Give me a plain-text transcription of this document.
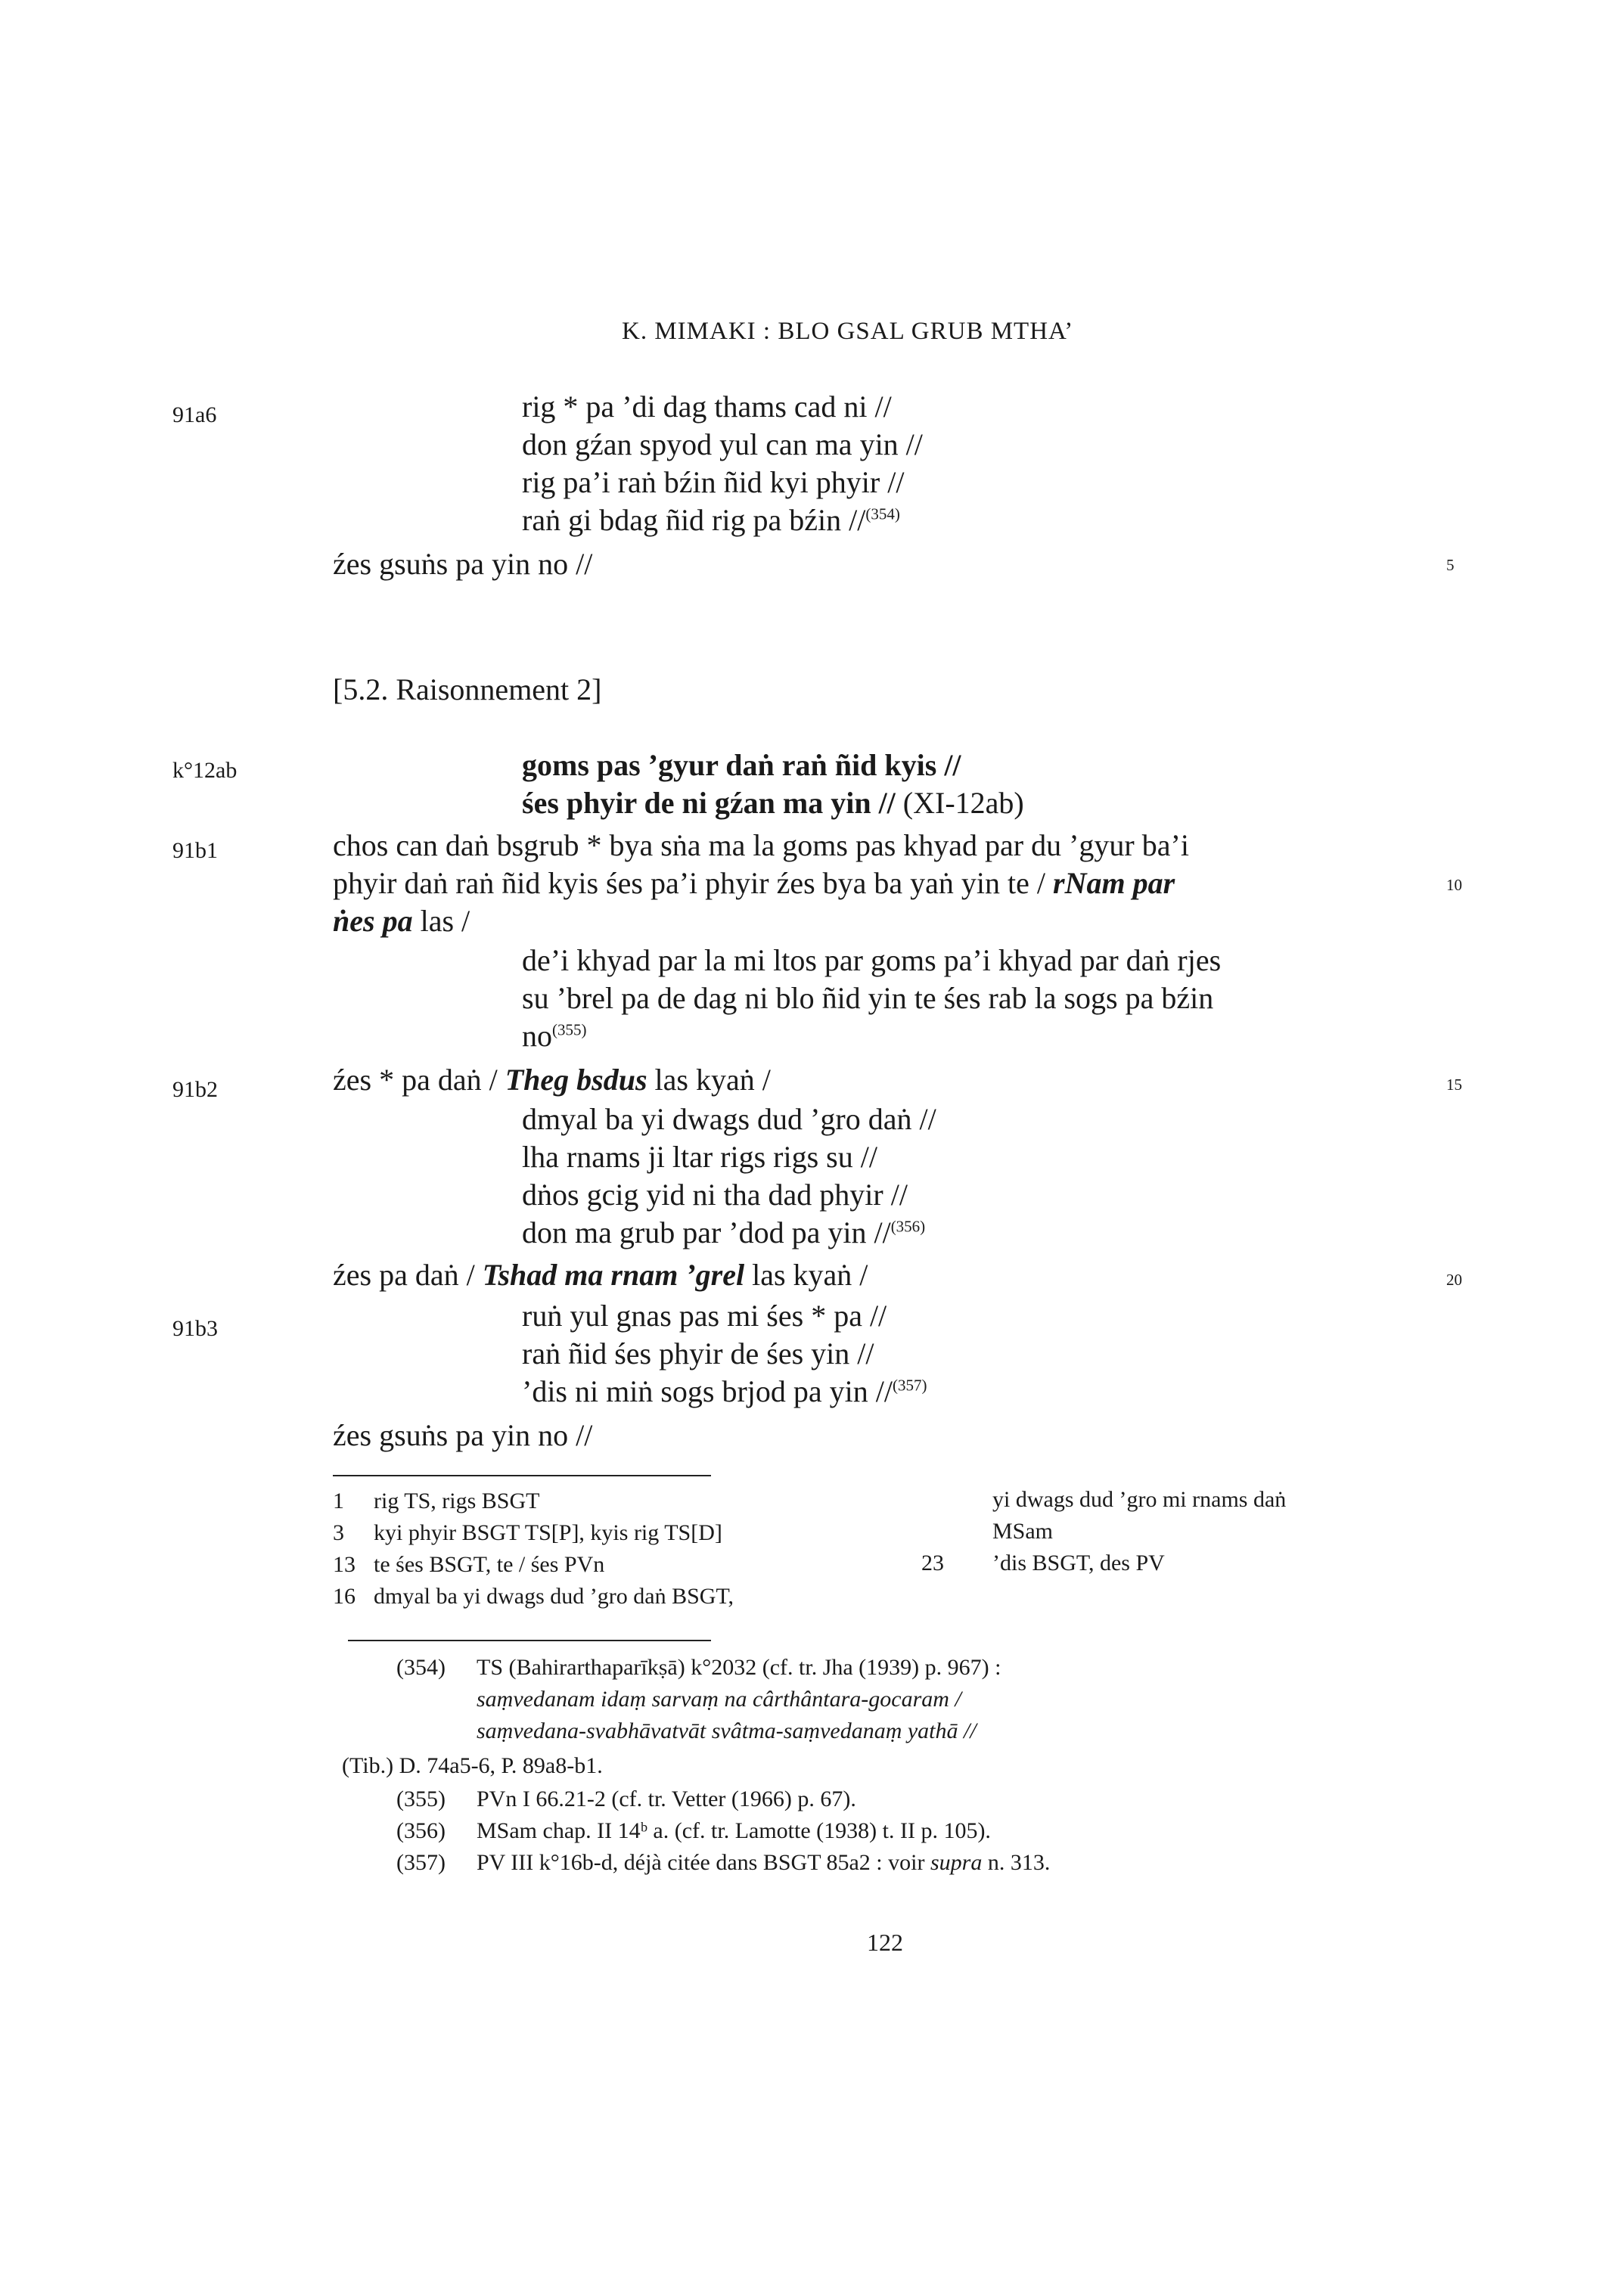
K. MIMAKI : BLO GSAL GRUB MTHA’
91a6
k°12ab
91b1
91b2
91b3
5
10
15
20
rig * pa ’di dag thams cad ni //
don gźan spyod yul can ma yin //
rig pa’i raṅ bźin ñid kyi phyir //
raṅ gi bdag ñid rig pa bźin //$^{(354)}$
źes gsuṅs pa yin no //
[5.2. Raisonnement 2]
goms pas ’gyur daṅ raṅ ñid kyis //
śes phyir de ni gźan ma yin // (XI-12ab)
chos can daṅ bsgrub * bya sṅa ma la goms pas khyad par du ’gyur ba’i
phyir daṅ raṅ ñid kyis śes pa’i phyir źes bya ba yaṅ yin te / rNam par
ṅes pa las /
de’i khyad par la mi ltos par goms pa’i khyad par daṅ rjes
su ’brel pa de dag ni blo ñid yin te śes rab la sogs pa bźin
$no^{(355)}$
źes * pa daṅ / Theg bsdus las kyaṅ /
dmyal ba yi dwags dud ’gro daṅ //
lha rnams ji ltar rigs rigs su //
dṅos gcig yid ni tha dad phyir //
don ma grub par ’dod pa yin //$^{(356)}$
źes pa daṅ / Tshad ma rnam ’grel las kyaṅ /
ruṅ yul gnas pas mi śes * pa //
raṅ ñid śes phyir de śes yin //
’dis ni miṅ sogs brjod pa yin //$^{(357)}$
źes gsuṅs pa yin no //
1 rig TS, rigs BSGT
3 kyi phyir BSGT TS[P], kyis rig TS[D]
13 te śes BSGT, te / śes PVn
16 dmyal ba yi dwags dud ’gro daṅ BSGT,
yi dwags dud ’gro mi rnams daṅ
MSam
23 ’dis BSGT, des PV
(354) TS (Bahirarthaparīkṣā) k°2032 (cf. tr. Jha (1939) p. 967) :
saṃvedanam idaṃ sarvaṃ na cârthântara-gocaram /
saṃvedana-svabhāvatvāt svâtma-saṃvedanaṃ yathā //
(Tib.) D. 74a5-6, P. 89a8-b1.
(355) PVn I 66.21-2 (cf. tr. Vetter (1966) p. 67).
(356) MSam chap. II 14ᵇ a. (cf. tr. Lamotte (1938) t. II p. 105).
(357) PV III k°16b-d, déjà citée dans BSGT 85a2 : voir supra n. 313.
122
